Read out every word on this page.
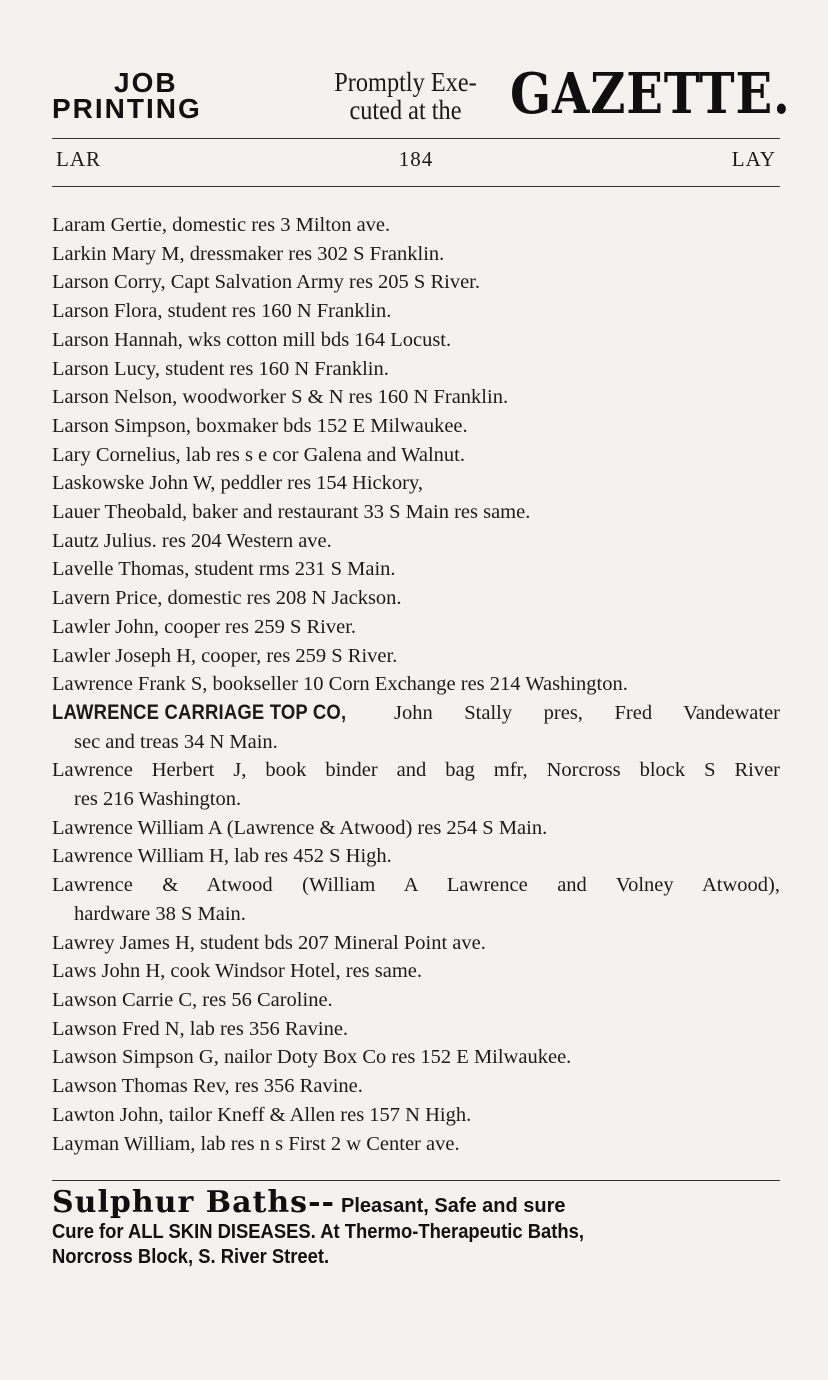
JOB
PRINTING
Promptly Exe-
cuted at the GAZETTE.
LAR	184	LAY
Laram Gertie, domestic res 3 Milton ave.
Larkin Mary M, dressmaker res 302 S Franklin.
Larson Corry, Capt Salvation Army res 205 S River.
Larson Flora, student res 160 N Franklin.
Larson Hannah, wks cotton mill bds 164 Locust.
Larson Lucy, student res 160 N Franklin.
Larson Nelson, woodworker S & N res 160 N Franklin.
Larson Simpson, boxmaker bds 152 E Milwaukee.
Lary Cornelius, lab res s e cor Galena and Walnut.
Laskowske John W, peddler res 154 Hickory,
Lauer Theobald, baker and restaurant 33 S Main res same.
Lautz Julius. res 204 Western ave.
Lavelle Thomas, student rms 231 S Main.
Lavern Price, domestic res 208 N Jackson.
Lawler John, cooper res 259 S River.
Lawler Joseph H, cooper, res 259 S River.
Lawrence Frank S, bookseller 10 Corn Exchange res 214 Washington.
LAWRENCE CARRIAGE TOP CO, John Stally pres, Fred Vandewater
sec and treas 34 N Main.
Lawrence Herbert J, book binder and bag mfr, Norcross block S River
res 216 Washington.
Lawrence William A (Lawrence & Atwood) res 254 S Main.
Lawrence William H, lab res 452 S High.
Lawrence & Atwood (William A Lawrence and Volney Atwood),
hardware 38 S Main.
Lawrey James H, student bds 207 Mineral Point ave.
Laws John H, cook Windsor Hotel, res same.
Lawson Carrie C, res 56 Caroline.
Lawson Fred N, lab res 356 Ravine.
Lawson Simpson G, nailor Doty Box Co res 152 E Milwaukee.
Lawson Thomas Rev, res 356 Ravine.
Lawton John, tailor Kneff & Allen res 157 N High.
Layman William, lab res n s First 2 w Center ave.
Sulphur Baths-- Pleasant, Safe and sure
Cure for ALL SKIN DISEASES. At Thermo-Therapeutic Baths,
Norcross Block, S. River Street.
